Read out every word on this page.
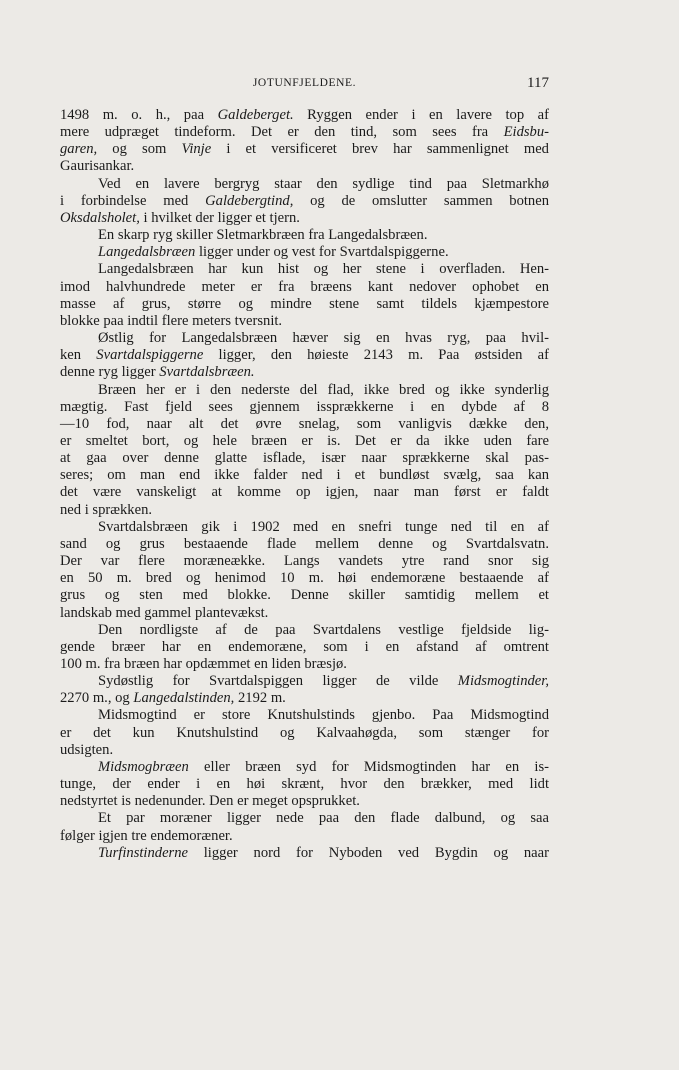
JOTUNFJELDENE.	117

1498 m. o. h., paa Galdeberget. Ryggen ender i en lavere top af

mere udpræget tindeform. Det er den tind, som sees fra Eidsbu-

garen, og som Vinje i et versificeret brev har sammenlignet med

Gaurisankar.

Ved en lavere bergryg staar den sydlige tind paa Sletmarkhø

i forbindelse med Galdebergtind, og de omslutter sammen botnen

Oksdalsholet, i hvilket der ligger et tjern.

En skarp ryg skiller Sletmarkbræen fra Langedalsbræen.

Langedalsbræen ligger under og vest for Svartdalspiggerne.

Langedalsbræen har kun hist og her stene i overfladen. Hen-

imod halvhundrede meter er fra bræens kant nedover ophobet en

masse af grus, større og mindre stene samt tildels kjæmpestore

blokke paa indtil flere meters tversnit.

Østlig for Langedalsbræen hæver sig en hvas ryg, paa hvil-

ken Svartdalspiggerne ligger, den høieste 2143 m. Paa østsiden af

denne ryg ligger Svartdalsbræen.

Bræen her er i den nederste del flad, ikke bred og ikke synderlig

mægtig. Fast fjeld sees gjennem issprækkerne i en dybde af 8

—10 fod, naar alt det øvre snelag, som vanligvis dække den,

er smeltet bort, og hele bræen er is. Det er da ikke uden fare

at gaa over denne glatte isflade, især naar sprækkerne skal pas-

seres; om man end ikke falder ned i et bundløst svælg, saa kan

det være vanskeligt at komme op igjen, naar man først er faldt

ned i sprækken.

Svartdalsbræen gik i 1902 med en snefri tunge ned til en af

sand og grus bestaaende flade mellem denne og Svartdalsvatn.

Der var flere moræneække. Langs vandets ytre rand snor sig

en 50 m. bred og henimod 10 m. høi endemoræne bestaaende af

grus og sten med blokke. Denne skiller samtidig mellem et

landskab med gammel plantevækst.

Den nordligste af de paa Svartdalens vestlige fjeldside lig-

gende bræer har en endemoræne, som i en afstand af omtrent

100 m. fra bræen har opdæmmet en liden bræsjø.

Sydøstlig for Svartdalspiggen ligger de vilde Midsmogtinder,

2270 m., og Langedalstinden, 2192 m.

Midsmogtind er store Knutshulstinds gjenbo. Paa Midsmogtind

er det kun Knutshulstind og Kalvaahøgda, som stænger for

udsigten.

Midsmogbræen eller bræen syd for Midsmogtinden har en is-

tunge, der ender i en høi skrænt, hvor den brækker, med lidt

nedstyrtet is nedenunder. Den er meget opsprukket.

Et par moræner ligger nede paa den flade dalbund, og saa

følger igjen tre endemoræner.

Turfinstinderne ligger nord for Nyboden ved Bygdin og naar
